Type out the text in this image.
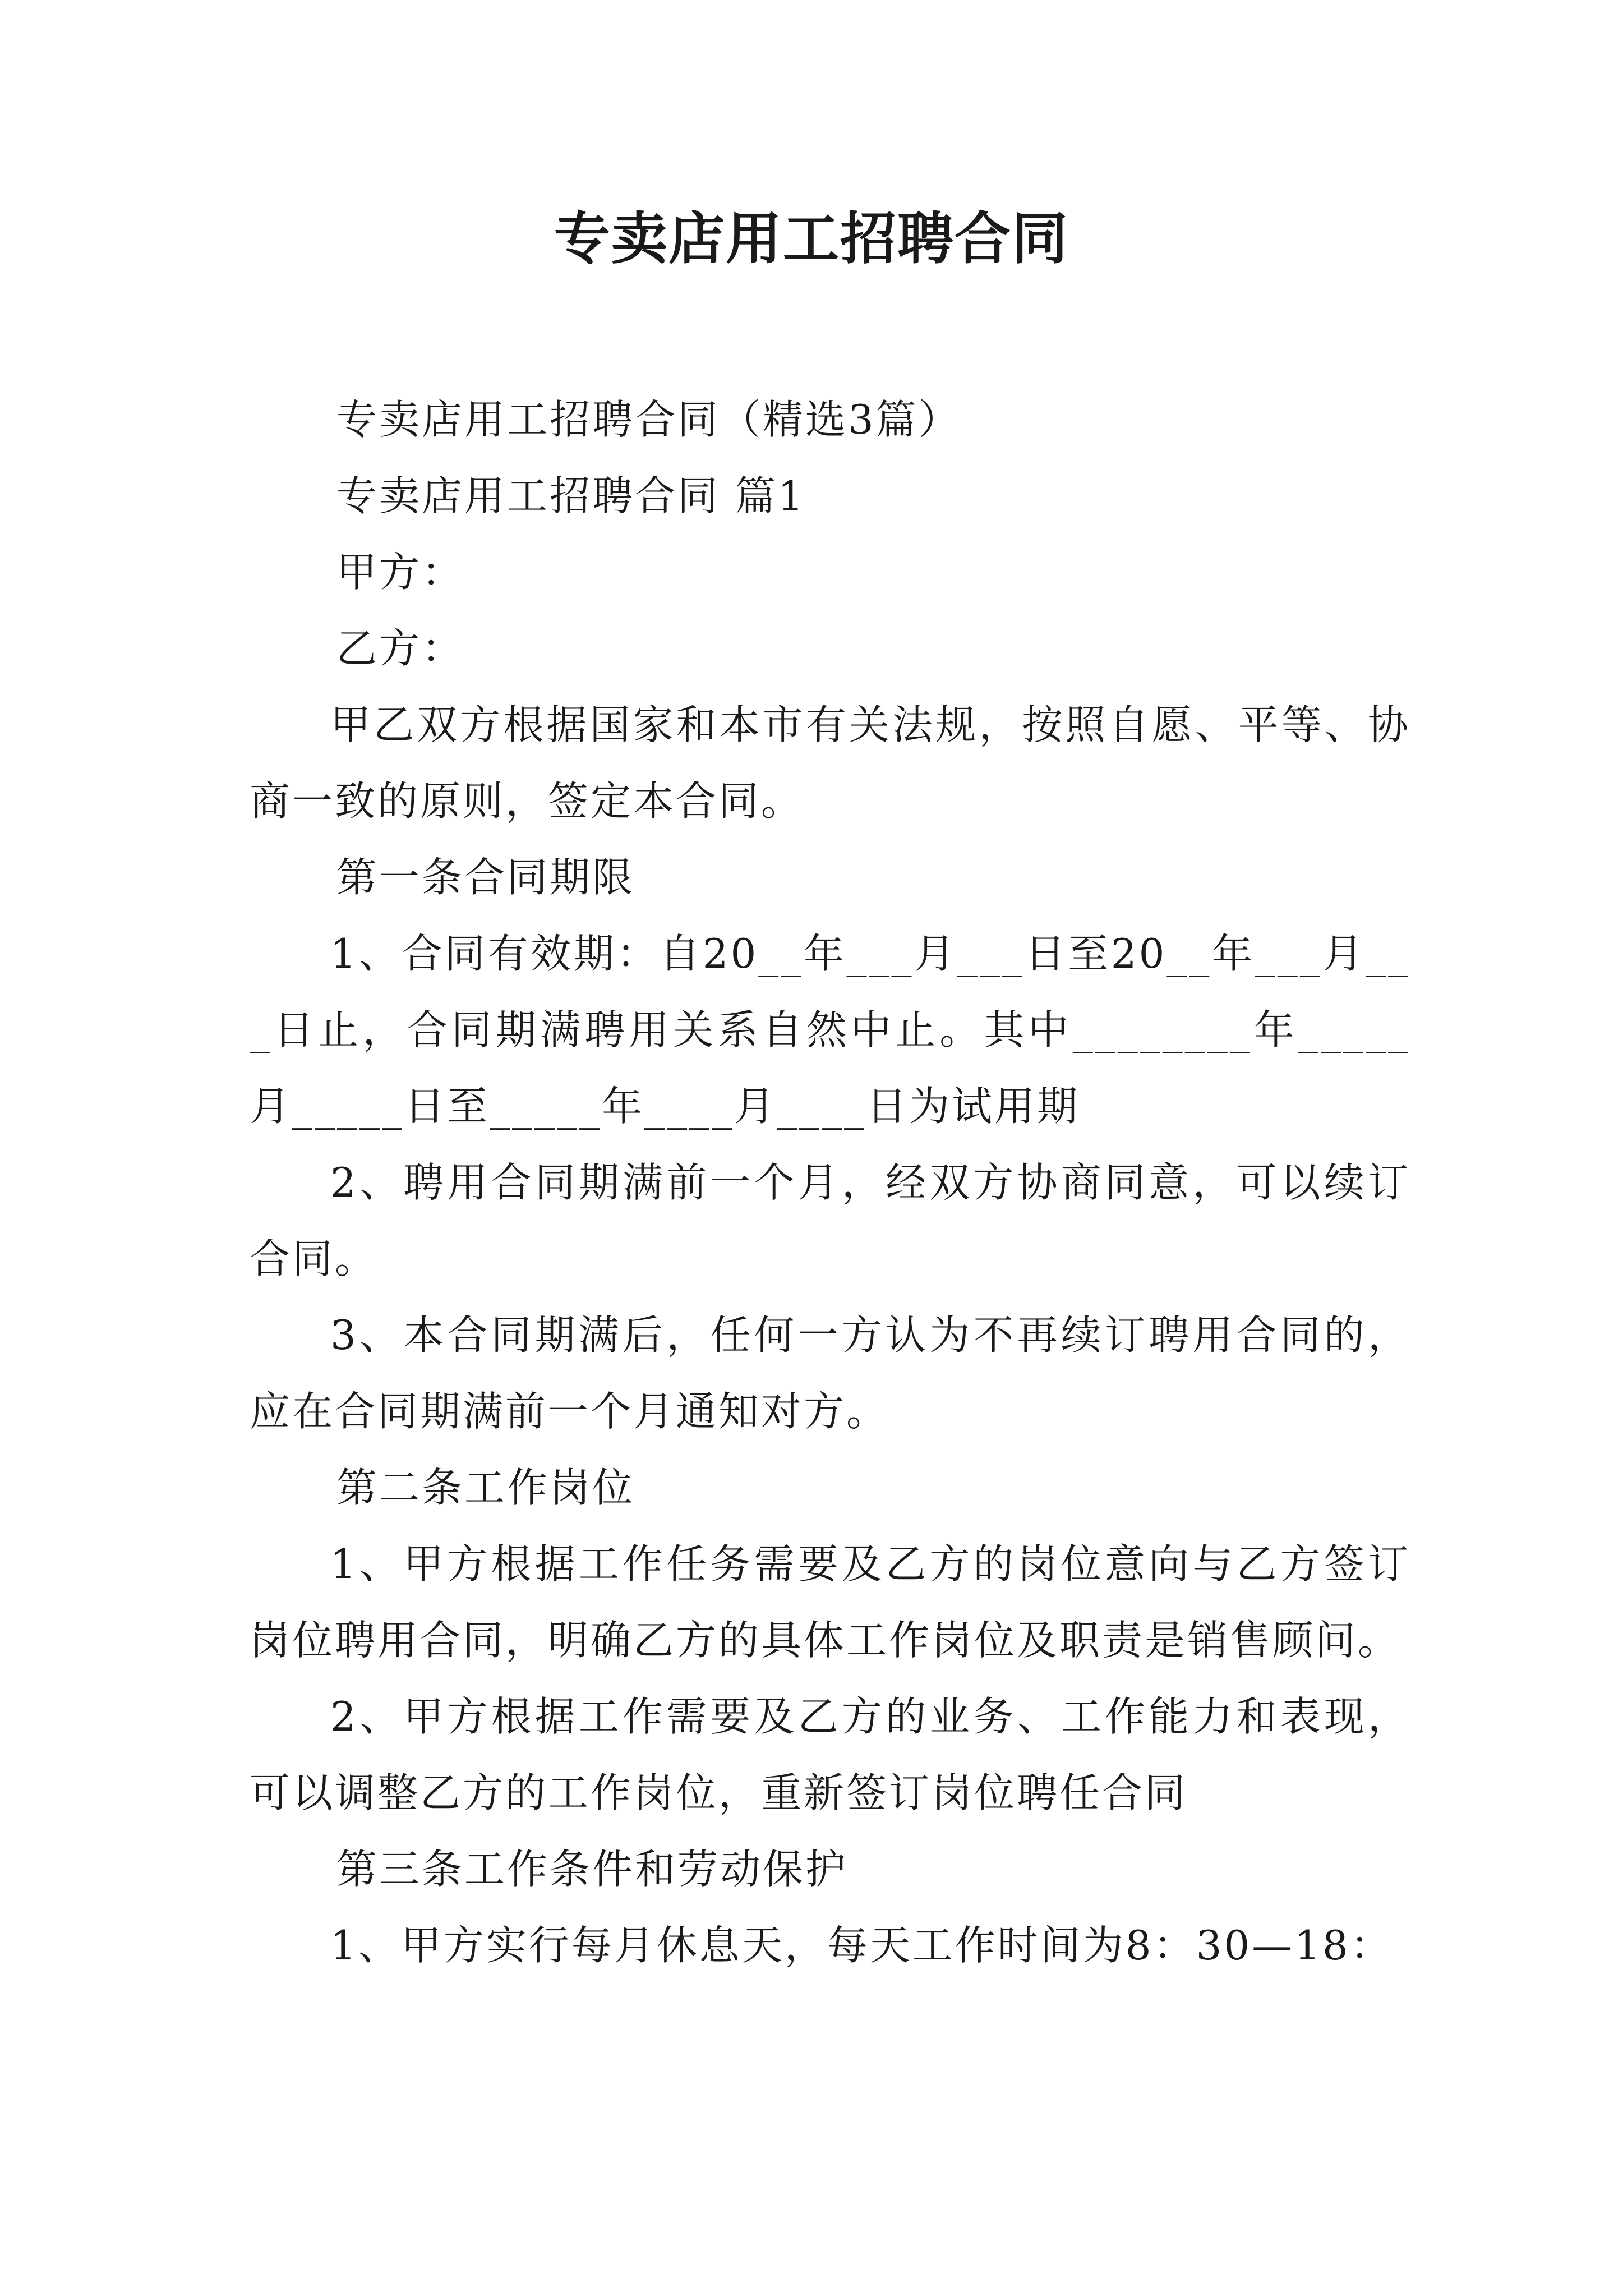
专卖店用工招聘合同

专卖店用工招聘合同（精选3篇）

专卖店用工招聘合同 篇1

甲方：

乙方：

甲乙双方根据国家和本市有关法规，按照自愿、平等、协商一致的原则，签定本合同。

第一条合同期限

1、合同有效期：自20__年___月___日至20__年___月___日止，合同期满聘用关系自然中止。其中________年_____月_____日至_____年____月____日为试用期

2、聘用合同期满前一个月，经双方协商同意，可以续订合同。

3、本合同期满后，任何一方认为不再续订聘用合同的，应在合同期满前一个月通知对方。

第二条工作岗位

1、甲方根据工作任务需要及乙方的岗位意向与乙方签订岗位聘用合同，明确乙方的具体工作岗位及职责是销售顾问。

2、甲方根据工作需要及乙方的业务、工作能力和表现，可以调整乙方的工作岗位，重新签订岗位聘任合同

第三条工作条件和劳动保护

1、甲方实行每月休息天，每天工作时间为8：30—18：
